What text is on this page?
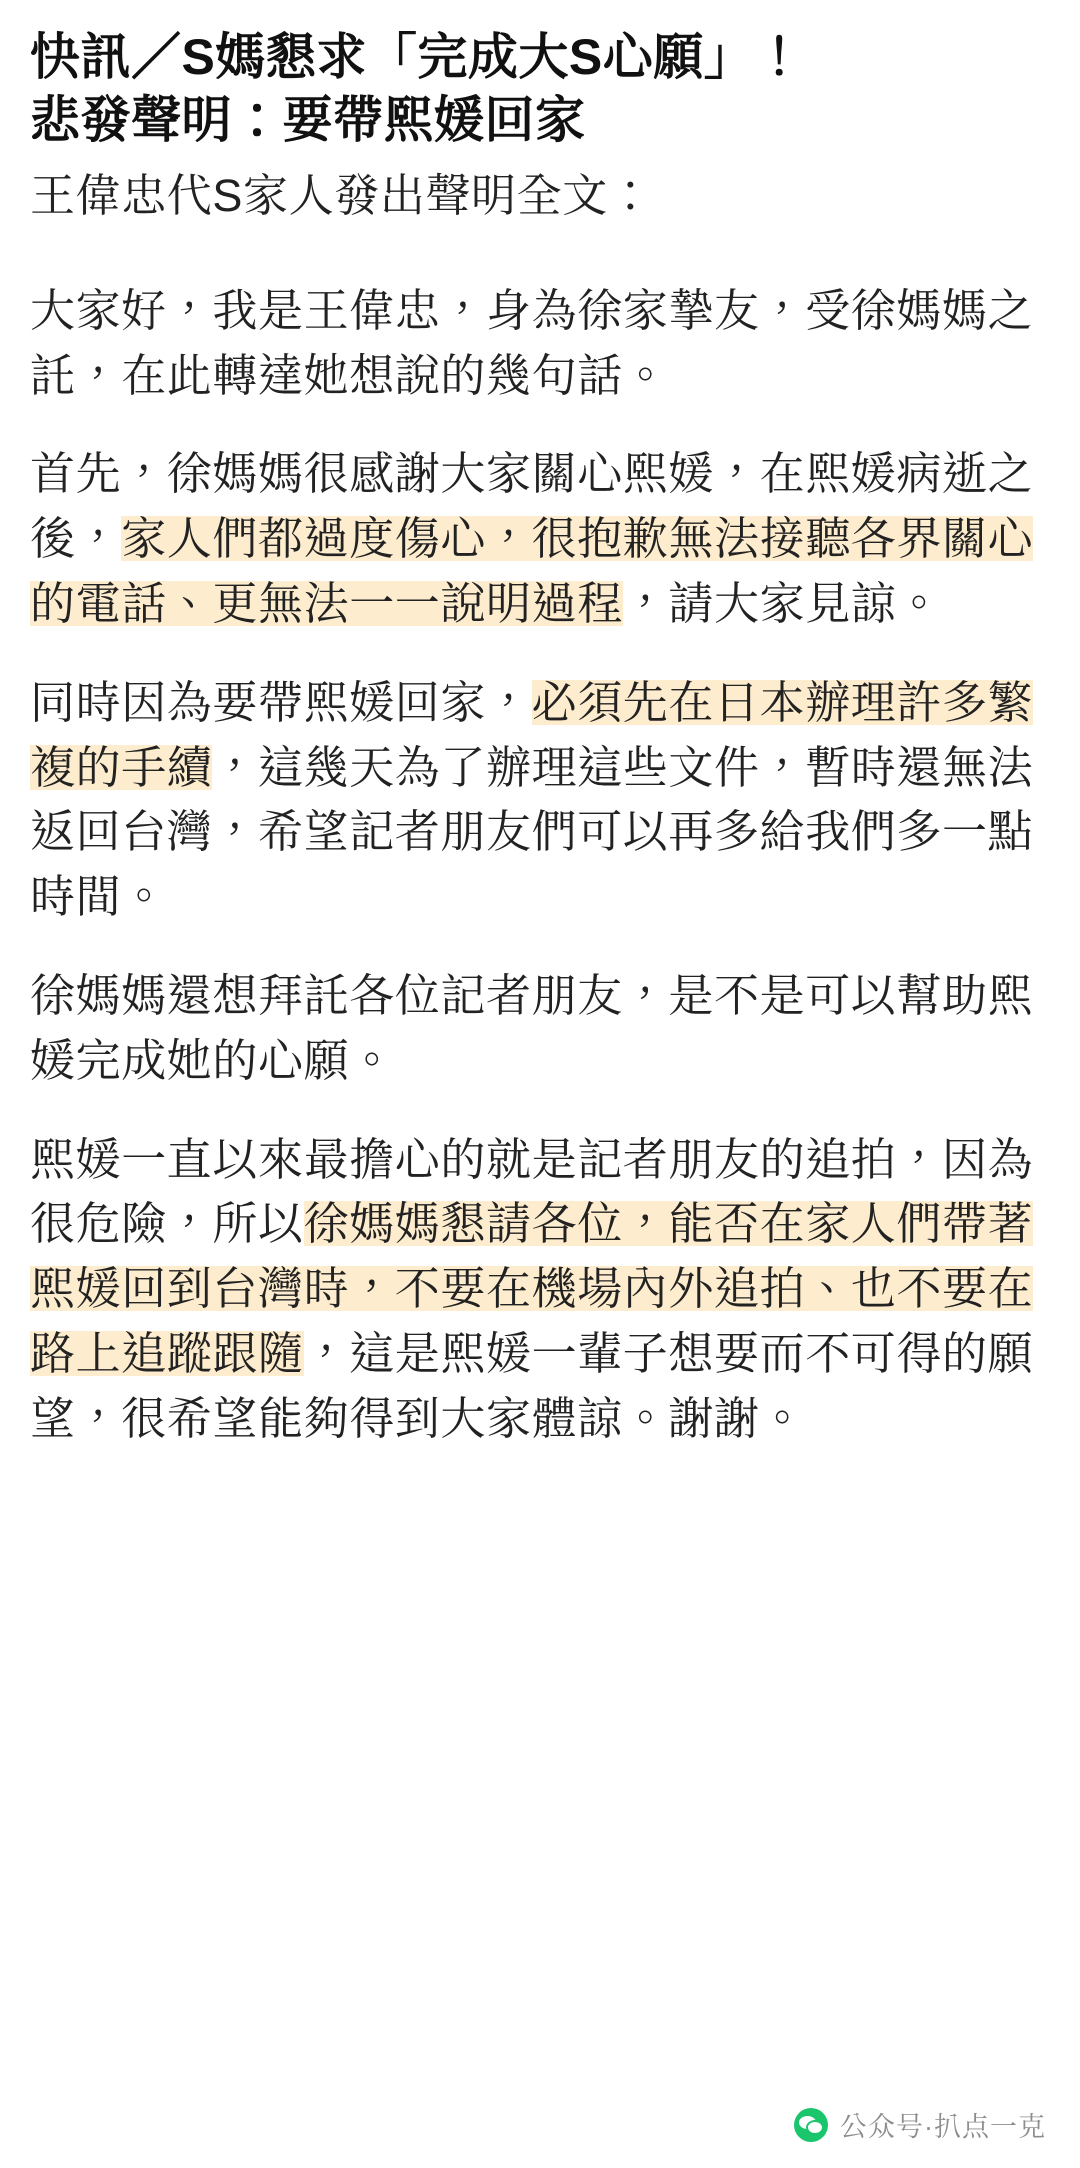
快訊／S媽懇求「完成大S心願」！
悲發聲明：要帶熙媛回家

王偉忠代S家人發出聲明全文：

大家好，我是王偉忠，身為徐家摯友，受徐媽媽之託，在此轉達她想說的幾句話。

首先，徐媽媽很感謝大家關心熙媛，在熙媛病逝之後，家人們都過度傷心，很抱歉無法接聽各界關心的電話、更無法一一說明過程，請大家見諒。

同時因為要帶熙媛回家，必須先在日本辦理許多繁複的手續，這幾天為了辦理這些文件，暫時還無法返回台灣，希望記者朋友們可以再多給我們多一點時間。

徐媽媽還想拜託各位記者朋友，是不是可以幫助熙媛完成她的心願。

熙媛一直以來最擔心的就是記者朋友的追拍，因為很危險，所以徐媽媽懇請各位，能否在家人們帶著熙媛回到台灣時，不要在機場內外追拍、也不要在路上追蹤跟隨，這是熙媛一輩子想要而不可得的願望，很希望能夠得到大家體諒。謝謝。

公众号·扒点一克
